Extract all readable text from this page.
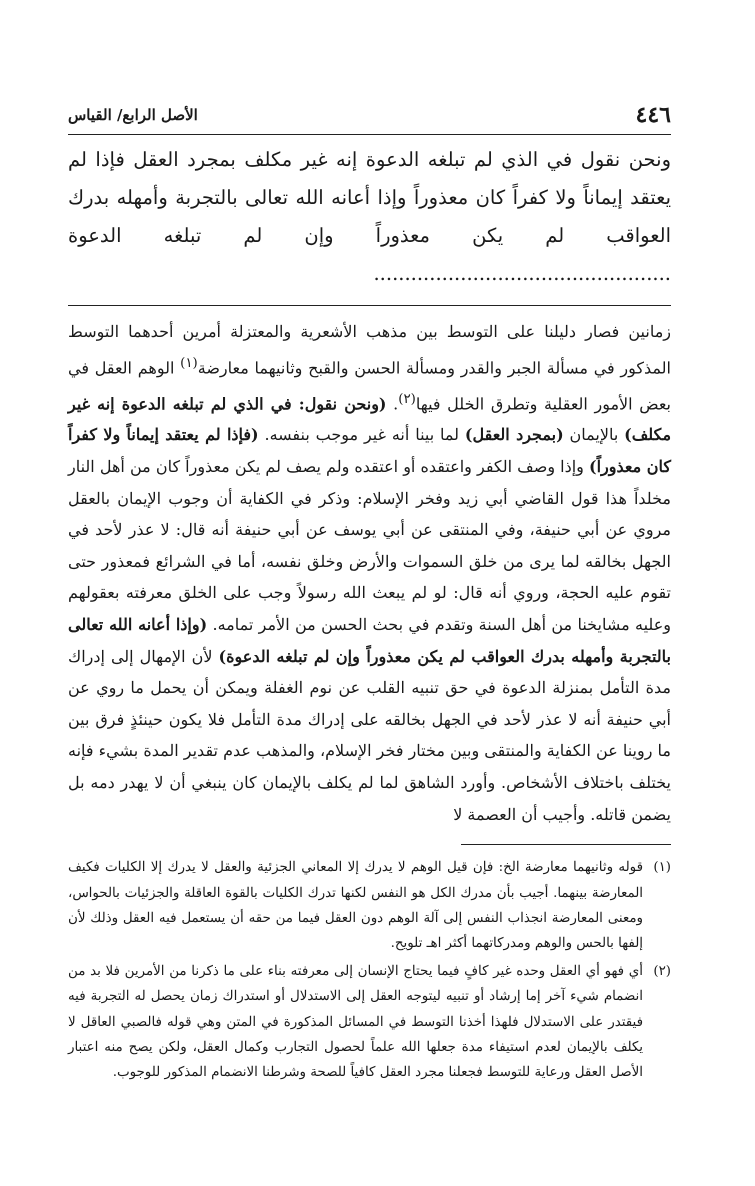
٤٤٦
الأصل الرابع/ القياس

ونحن نقول في الذي لم تبلغه الدعوة إنه غير مكلف بمجرد العقل فإذا لم يعتقد إيماناً ولا كفراً كان معذوراً وإذا أعانه الله تعالى بالتجربة وأمهله بدرك العواقب لم يكن معذوراً وإن لم تبلغه الدعوة ................................................

زمانين فصار دليلنا على التوسط بين مذهب الأشعرية والمعتزلة أمرين أحدهما التوسط المذكور في مسألة الجبر والقدر ومسألة الحسن والقبح وثانيهما معارضة$^{(١)}$ الوهم العقل في بعض الأمور العقلية وتطرق الخلل فيها$^{(٢)}$. (ونحن نقول: في الذي لم تبلغه الدعوة إنه غير مكلف) بالإيمان (بمجرد العقل) لما بينا أنه غير موجب بنفسه. (فإذا لم يعتقد إيماناً ولا كفراً كان معذوراً) وإذا وصف الكفر واعتقده أو اعتقده ولم يصف لم يكن معذوراً كان من أهل النار مخلداً هذا قول القاضي أبي زيد وفخر الإسلام: وذكر في الكفاية أن وجوب الإيمان بالعقل مروي عن أبي حنيفة، وفي المنتقى عن أبي يوسف عن أبي حنيفة أنه قال: لا عذر لأحد في الجهل بخالقه لما يرى من خلق السموات والأرض وخلق نفسه، أما في الشرائع فمعذور حتى تقوم عليه الحجة، وروي أنه قال: لو لم يبعث الله رسولاً وجب على الخلق معرفته بعقولهم وعليه مشايخنا من أهل السنة وتقدم في بحث الحسن من الأمر تمامه. (وإذا أعانه الله تعالى بالتجربة وأمهله بدرك العواقب لم يكن معذوراً وإن لم تبلغه الدعوة) لأن الإمهال إلى إدراك مدة التأمل بمنزلة الدعوة في حق تنبيه القلب عن نوم الغفلة ويمكن أن يحمل ما روي عن أبي حنيفة أنه لا عذر لأحد في الجهل بخالقه على إدراك مدة التأمل فلا يكون حينئذٍ فرق بين ما روينا عن الكفاية والمنتقى وبين مختار فخر الإسلام، والمذهب عدم تقدير المدة بشيء فإنه يختلف باختلاف الأشخاص. وأورد الشاهق لما لم يكلف بالإيمان كان ينبغي أن لا يهدر دمه بل يضمن قاتله. وأجيب أن العصمة لا

(١)
قوله وثانيهما معارضة الخ: فإن قيل الوهم لا يدرك إلا المعاني الجزئية والعقل لا يدرك إلا الكليات فكيف المعارضة بينهما. أجيب بأن مدرك الكل هو النفس لكنها تدرك الكليات بالقوة العاقلة والجزئيات بالحواس، ومعنى المعارضة انجذاب النفس إلى آلة الوهم دون العقل فيما من حقه أن يستعمل فيه العقل وذلك لأن إلفها بالحس والوهم ومدركاتهما أكثر اهـ تلويح.
(٢)
أي فهو أي العقل وحده غير كافٍ فيما يحتاج الإنسان إلى معرفته بناء على ما ذكرنا من الأمرين فلا بد من انضمام شيء آخر إما إرشاد أو تنبيه ليتوجه العقل إلى الاستدلال أو استدراك زمان يحصل له التجربة فيه فيقتدر على الاستدلال فلهذا أخذنا التوسط في المسائل المذكورة في المتن وهي قوله فالصبي العاقل لا يكلف بالإيمان لعدم استيفاء مدة جعلها الله علماً لحصول التجارب وكمال العقل، ولكن يصح منه اعتبار الأصل العقل ورعاية للتوسط فجعلنا مجرد العقل كافياً للصحة وشرطنا الانضمام المذكور للوجوب.
